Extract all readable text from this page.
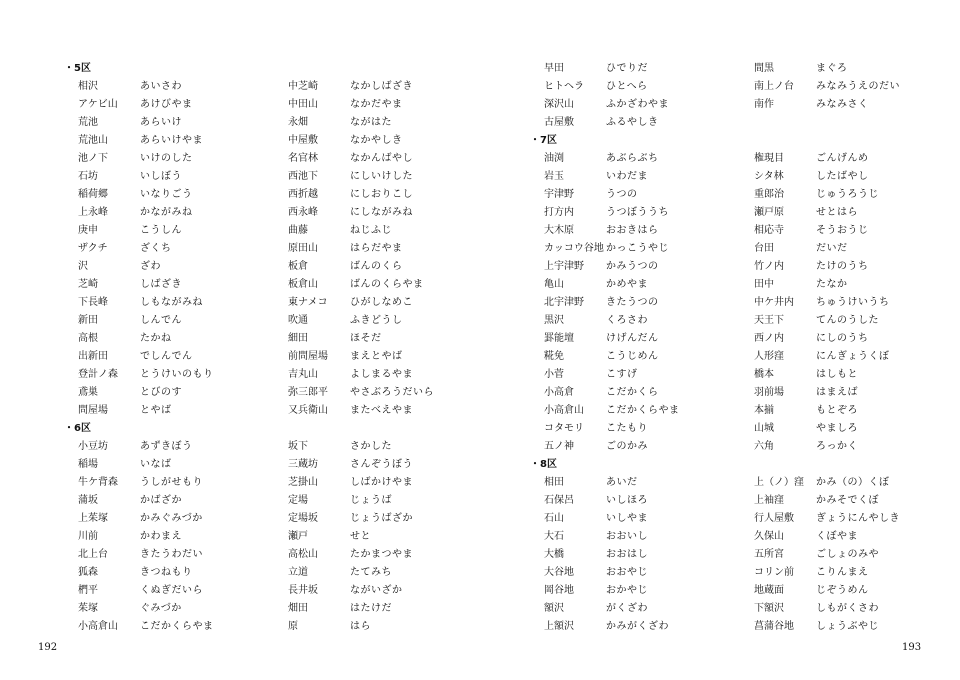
・5区
相沢	あいさわ	中芝崎	なかしばざき
アケビ山	あけびやま	中田山	なかだやま
荒池	あらいけ	永畑	ながはた
荒池山	あらいけやま	中屋敷	なかやしき
池ノ下	いけのした	名官林	なかんばやし
石坊	いしぼう	西池下	にしいけした
稲荷郷	いなりごう	西折越	にしおりこし
上永峰	かながみね	西永峰	にしながみね
庚申	こうしん	曲藤	ねじふじ
ザクチ	ざくち	原田山	はらだやま
沢	ざわ	板倉	ばんのくら
芝崎	しばざき	板倉山	ばんのくらやま
下長峰	しもながみね	東ナメコ	ひがしなめこ
新田	しんでん	吹通	ふきどうし
高根	たかね	細田	ほそだ
出新田	でしんでん	前問屋場	まえとやば
登計ノ森	とうけいのもり	吉丸山	よしまるやま
鳶巣	とびのす	弥三郎平	やさぶろうだいら
問屋場	とやば	又兵衛山	またべえやま
・6区
小豆坊	あずきぼう	坂下	さかした
稲場	いなば	三蔵坊	さんぞうぼう
牛ケ背森	うしがせもり	芝掛山	しばかけやま
蒲坂	かばざか	定場	じょうば
上茱塚	かみぐみづか	定場坂	じょうばざか
川前	かわまえ	瀬戸	せと
北上台	きたうわだい	高松山	たかまつやま
狐森	きつねもり	立道	たてみち
椚平	くぬぎだいら	長井坂	ながいざか
茱塚	ぐみづか	畑田	はたけだ
小高倉山	こだかくらやま	原	はら
早田	ひでりだ	間黒	まぐろ
ヒトヘラ	ひとへら	南上ノ台	みなみうえのだい
深沢山	ふかざわやま	南作	みなみさく
古屋敷	ふるやしき
・7区
油渕	あぶらぶち	権現目	ごんげんめ
岩玉	いわだま	シタ林	したばやし
宇津野	うつの	重郎治	じゅうろうじ
打方内	うつぼううち	瀬戸原	せとはら
大木原	おおきはら	相応寺	そうおうじ
カッコウ谷地 かっこうやじ	台田	だいだ
上宇津野	かみうつの	竹ノ内	たけのうち
亀山	かめやま	田中	たなか
北宇津野	きたうつの	中ケ井内	ちゅうけいうち
黒沢	くろさわ	天王下	てんのうした
罫能壇	けげんだん	西ノ内	にしのうち
糀免	こうじめん	人形窪	にんぎょうくぼ
小菅	こすげ	橋本	はしもと
小高倉	こだかくら	羽前場	はまえば
小高倉山	こだかくらやま	本揃	もとぞろ
コタモリ	こたもり	山城	やましろ
五ノ神	ごのかみ	六角	ろっかく
・8区
相田	あいだ	上（ノ）窪	かみ（の）くぼ
石保呂	いしほろ	上袖窪	かみそでくぼ
石山	いしやま	行人屋敷	ぎょうにんやしき
大石	おおいし	久保山	くぼやま
大橋	おおはし	五所宮	ごしょのみや
大谷地	おおやじ	コリン前	こりんまえ
岡谷地	おかやじ	地蔵面	じぞうめん
額沢	がくざわ	下額沢	しもがくさわ
上額沢	かみがくざわ	菖蒲谷地	しょうぶやじ
192	193
